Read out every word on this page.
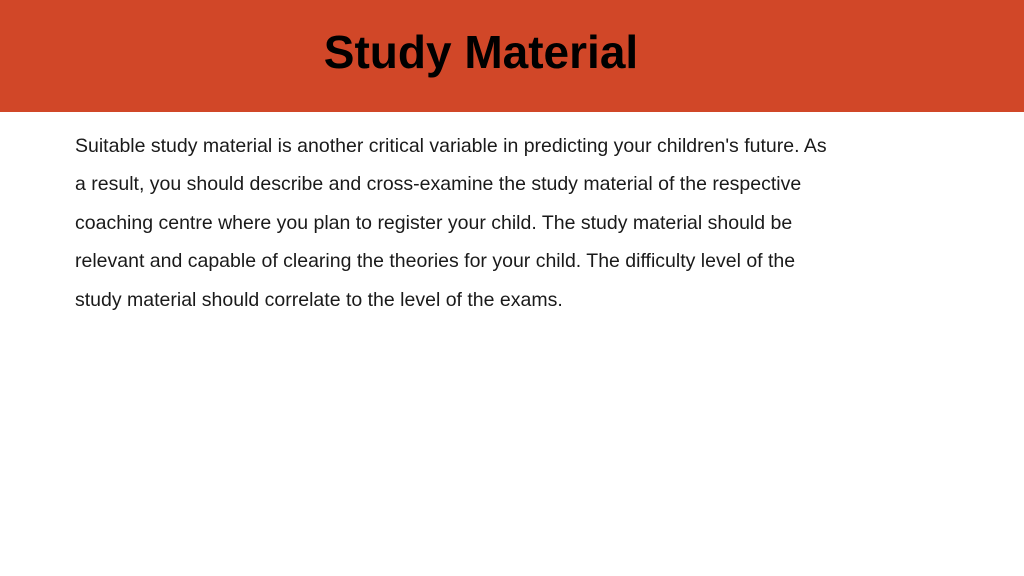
Study Material
Suitable study material is another critical variable in predicting your children's future. As
a result, you should describe and cross-examine the study material of the respective
coaching centre where you plan to register your child. The study material should be
relevant and capable of clearing the theories for your child. The difficulty level of the
study material should correlate to the level of the exams.
